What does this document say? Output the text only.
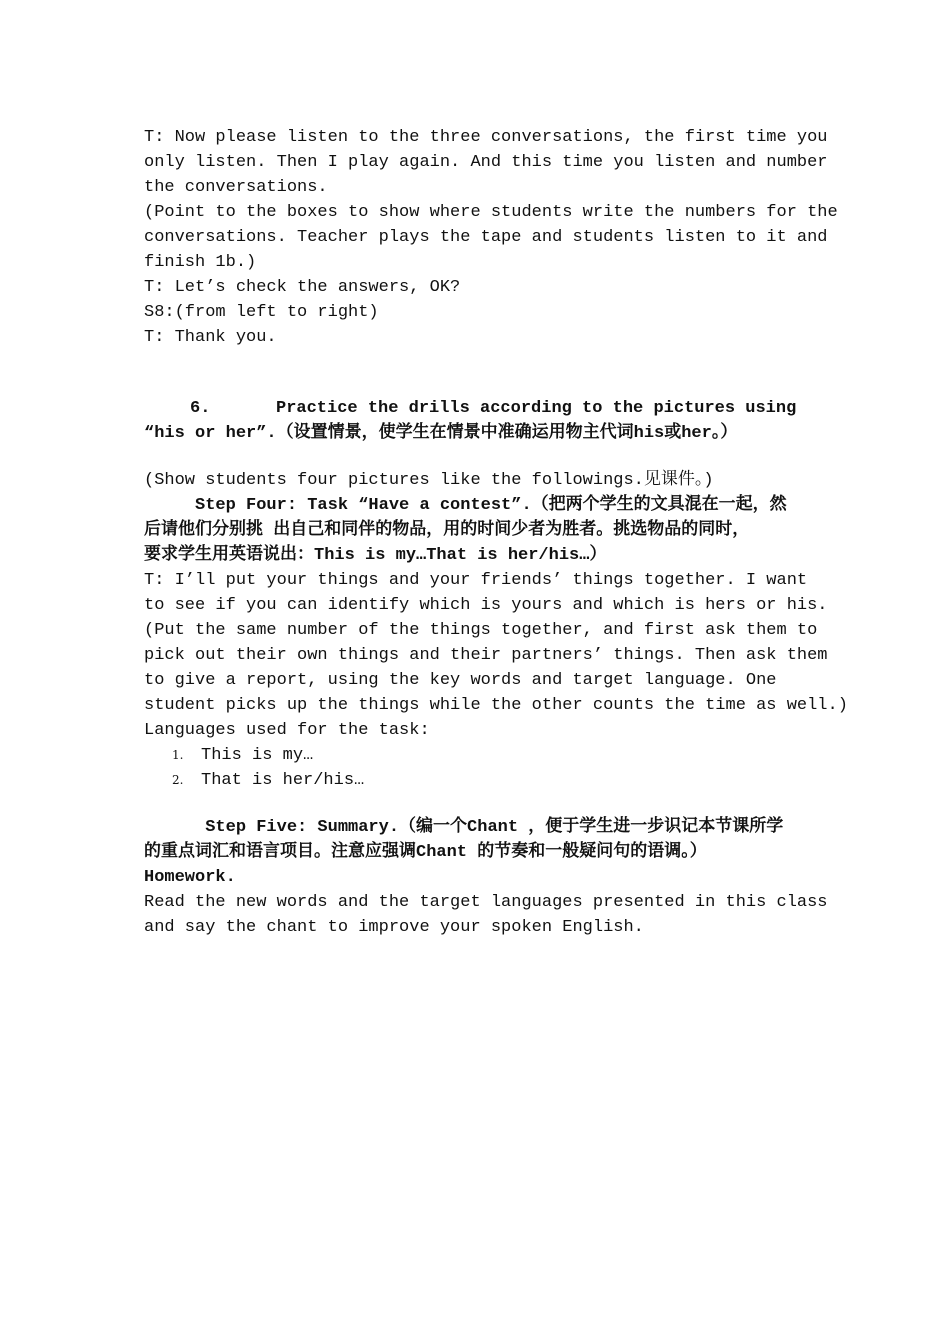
T: Now please listen to the three conversations, the first time you
only listen. Then I play again. And this time you listen and number
the conversations.
(Point to the boxes to show where students write the numbers for the
conversations. Teacher plays the tape and students listen to it and
finish 1b.)
T: Let’s check the answers, OK?
S8:(from left to right)
T: Thank you.
6.	Practice the drills according to the pictures using
“his or her”.（设置情景，使学生在情景中准确运用物主代词his或her。）
(Show students four pictures like the followings.见课件。)
Step Four: Task “Have a contest”.（把两个学生的文具混在一起，然
后请他们分别挑 出自己和同伴的物品，用的时间少者为胜者。挑选物品的同时，
要求学生用英语说出：This is my…That is her/his…）
T: I’ll put your things and your friends’ things together. I want
to see if you can identify which is yours and which is hers or his.
(Put the same number of the things together, and first ask them to
pick out their own things and their partners’ things. Then ask them
to give a report, using the key words and target language. One
student picks up the things while the other counts the time as well.)
Languages used for the task:
1. This is my…
2. That is her/his…
Step Five: Summary.（编一个Chant ，便于学生进一步识记本节课所学
的重点词汇和语言项目。注意应强调Chant 的节奏和一般疑问句的语调。）
Homework.
Read the new words and the target languages presented in this class
and say the chant to improve your spoken English.
